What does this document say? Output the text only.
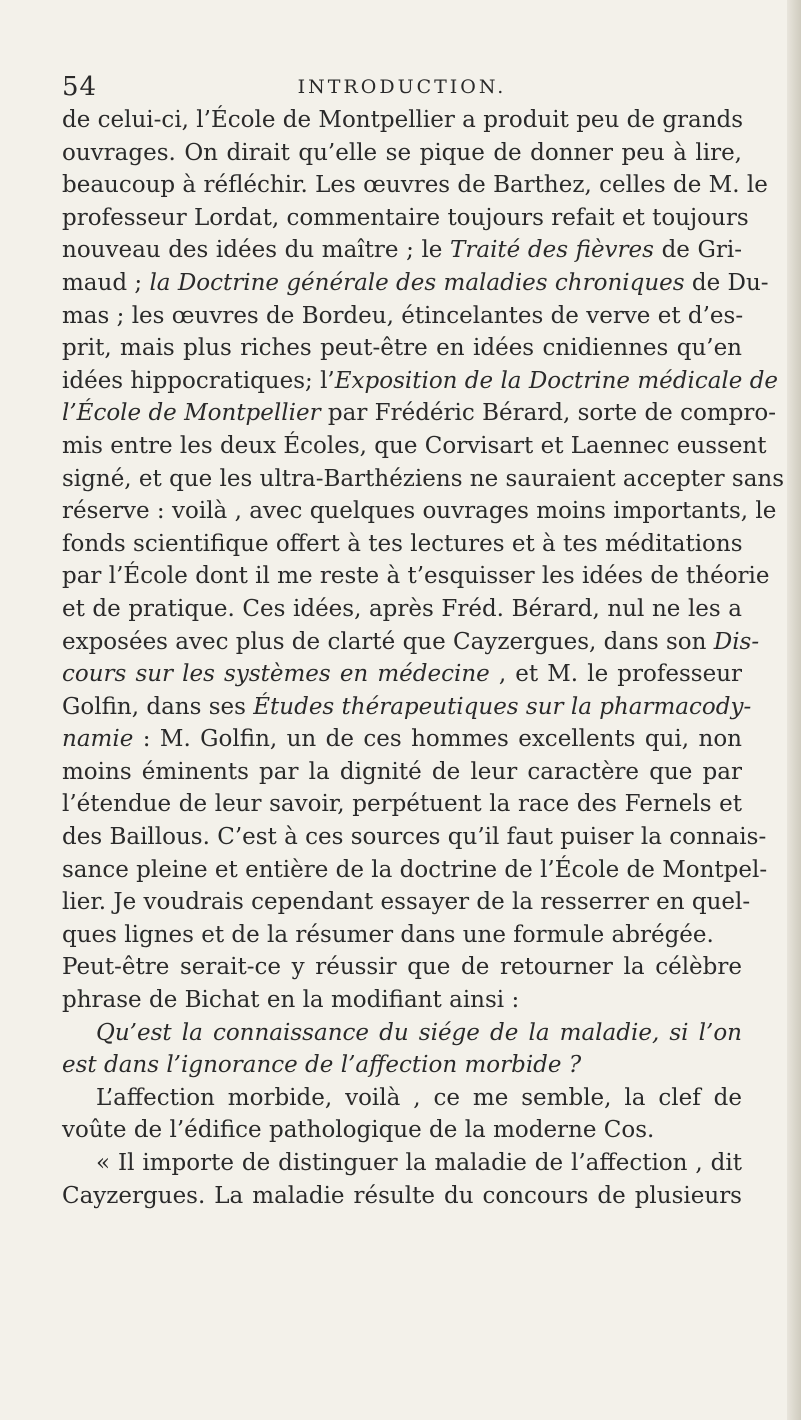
54	INTRODUCTION.
de celui-ci, l’École de Montpellier a produit peu de grands
ouvrages. On dirait qu’elle se pique de donner peu à lire,
beaucoup à réfléchir. Les œuvres de Barthez, celles de M. le
professeur Lordat, commentaire toujours refait et toujours
nouveau des idées du maître ; le Traité des fièvres de Gri-
maud ; la Doctrine générale des maladies chroniques de Du-
mas ; les œuvres de Bordeu, étincelantes de verve et d’es-
prit, mais plus riches peut-être en idées cnidiennes qu’en
idées hippocratiques; l’Exposition de la Doctrine médicale de
l’École de Montpellier par Frédéric Bérard, sorte de compro-
mis entre les deux Écoles, que Corvisart et Laennec eussent
signé, et que les ultra-Barthéziens ne sauraient accepter sans
réserve : voilà , avec quelques ouvrages moins importants, le
fonds scientifique offert à tes lectures et à tes méditations
par l’École dont il me reste à t’esquisser les idées de théorie
et de pratique. Ces idées, après Fréd. Bérard, nul ne les a
exposées avec plus de clarté que Cayzergues, dans son Dis-
cours sur les systèmes en médecine , et M. le professeur
Golfin, dans ses Études thérapeutiques sur la pharmacody-
namie : M. Golfin, un de ces hommes excellents qui, non
moins éminents par la dignité de leur caractère que par
l’étendue de leur savoir, perpétuent la race des Fernels et
des Baillous. C’est à ces sources qu’il faut puiser la connais-
sance pleine et entière de la doctrine de l’École de Montpel-
lier. Je voudrais cependant essayer de la resserrer en quel-
ques lignes et de la résumer dans une formule abrégée.
Peut-être serait-ce y réussir que de retourner la célèbre
phrase de Bichat en la modifiant ainsi :
Qu’est la connaissance du siége de la maladie, si l’on
est dans l’ignorance de l’affection morbide ?
L’affection morbide, voilà , ce me semble, la clef de
voûte de l’édifice pathologique de la moderne Cos.
« Il importe de distinguer la maladie de l’affection , dit
Cayzergues. La maladie résulte du concours de plusieurs
